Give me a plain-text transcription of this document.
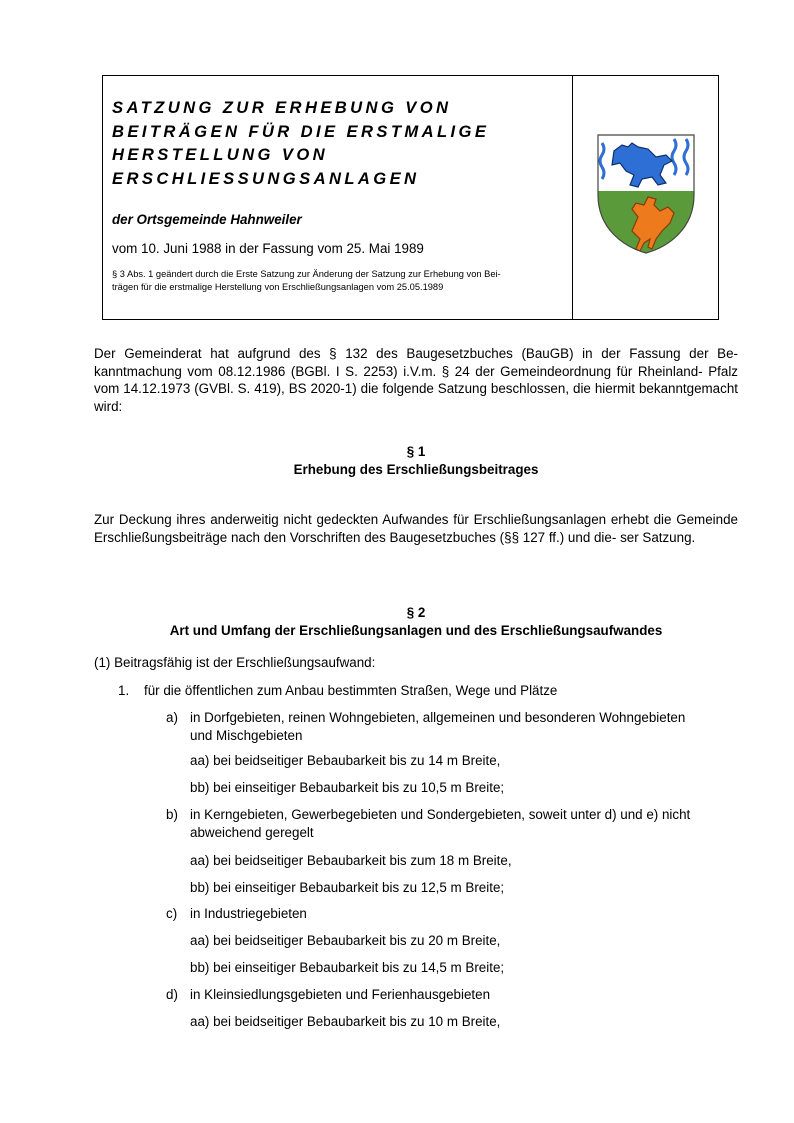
SATZUNG ZUR ERHEBUNG VON
BEITRÄGEN FÜR DIE ERSTMALIGE
HERSTELLUNG VON
ERSCHLIESSUNGSANLAGEN

der Ortsgemeinde Hahnweiler
vom 10. Juni 1988 in der Fassung vom 25. Mai 1989
§ 3 Abs. 1 geändert durch die Erste Satzung zur Änderung der Satzung zur Erhebung von Bei-
trägen für die erstmalige Herstellung von Erschließungsanlagen vom 25.05.1989

Der Gemeinderat hat aufgrund des § 132 des Baugesetzbuches (BauGB) in der Fassung der Be- kanntmachung vom 08.12.1986 (BGBl. I S. 2253) i.V.m. § 24 der Gemeindeordnung für Rheinland- Pfalz vom 14.12.1973 (GVBl. S. 419), BS 2020-1) die folgende Satzung beschlossen, die hiermit bekanntgemacht wird:

§ 1
Erhebung des Erschließungsbeitrages

Zur Deckung ihres anderweitig nicht gedeckten Aufwandes für Erschließungsanlagen erhebt die Gemeinde Erschließungsbeiträge nach den Vorschriften des Baugesetzbuches (§§ 127 ff.) und die- ser Satzung.

§ 2
Art und Umfang der Erschließungsanlagen und des Erschließungsaufwandes
(1) Beitragsfähig ist der Erschließungsaufwand:
1. für die öffentlichen zum Anbau bestimmten Straßen, Wege und Plätze
a) in Dorfgebieten, reinen Wohngebieten, allgemeinen und besonderen Wohngebieten
und Mischgebieten
aa) bei beidseitiger Bebaubarkeit bis zu 14 m Breite,
bb) bei einseitiger Bebaubarkeit bis zu 10,5 m Breite;
b) in Kerngebieten, Gewerbegebieten und Sondergebieten, soweit unter d) und e) nicht
abweichend geregelt
aa) bei beidseitiger Bebaubarkeit bis zum 18 m Breite,
bb) bei einseitiger Bebaubarkeit bis zu 12,5 m Breite;
c) in Industriegebieten
aa) bei beidseitiger Bebaubarkeit bis zu 20 m Breite,
bb) bei einseitiger Bebaubarkeit bis zu 14,5 m Breite;
d) in Kleinsiedlungsgebieten und Ferienhausgebieten
aa) bei beidseitiger Bebaubarkeit bis zu 10 m Breite,
